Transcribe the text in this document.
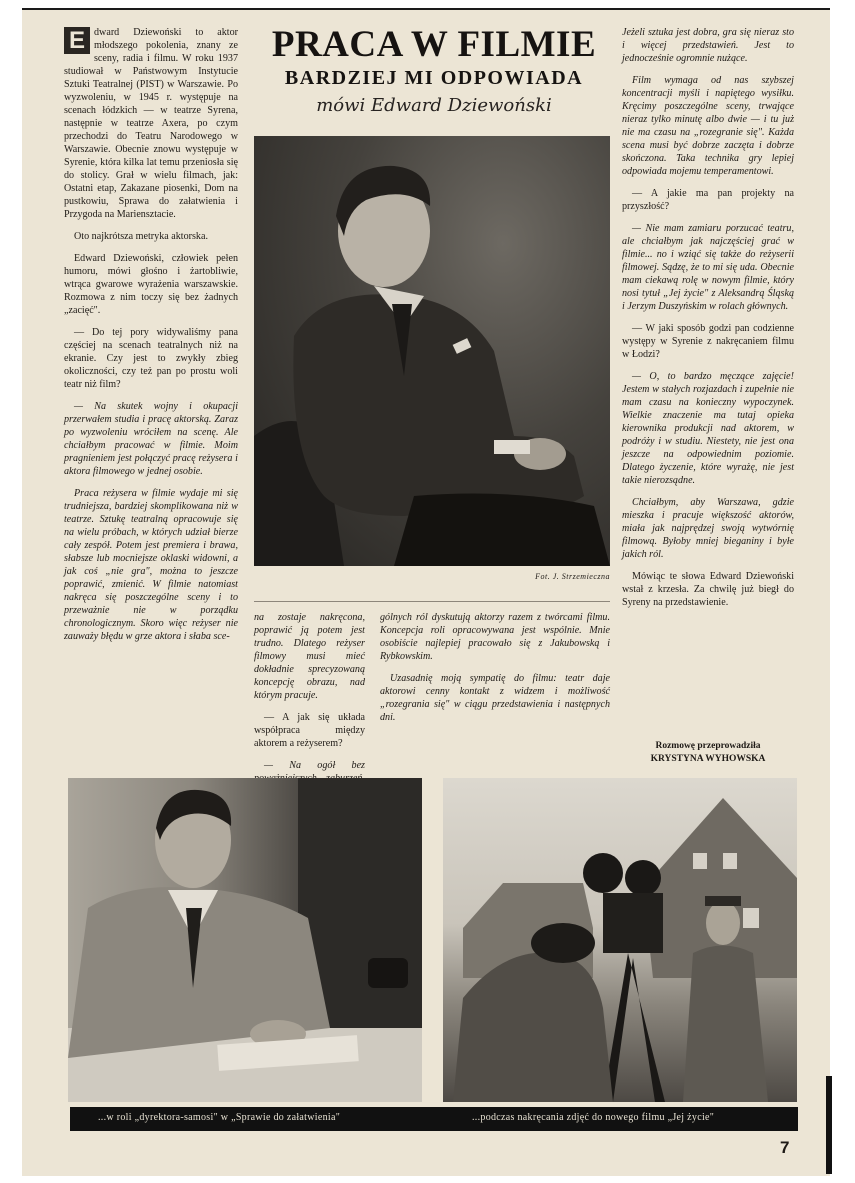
E dward Dziewoński to aktor młodszego pokolenia, znany ze sceny, radia i filmu. W roku 1937 studiował w Państwowym Instytucie Sztuki Teatralnej (PIST) w Warszawie. Po wyzwoleniu, w 1945 r. występuje na scenach łódzkich — w teatrze Syrena, następnie w teatrze Axera, po czym przechodzi do Teatru Narodowego w Warszawie. Obecnie znowu występuje w Syrenie, która kilka lat temu przeniosła się do stolicy. Grał w wielu filmach, jak: Ostatni etap, Zakazane piosenki, Dom na pustkowiu, Sprawa do załatwienia i Przygoda na Mariensztacie.

Oto najkrótsza metryka aktorska.

Edward Dziewoński, człowiek pełen humoru, mówi głośno i żartobliwie, wtrąca gwarowe wyrażenia warszawskie. Rozmowa z nim toczy się bez żadnych „zacięć".

— Do tej pory widywaliśmy pana częściej na scenach teatralnych niż na ekranie. Czy jest to zwykły zbieg okoliczności, czy też pan po prostu woli teatr niż film?

— Na skutek wojny i okupacji przerwałem studia i pracę aktorską. Zaraz po wyzwoleniu wróciłem na scenę. Ale chciałbym pracować w filmie. Moim pragnieniem jest połączyć pracę reżysera i aktora filmowego w jednej osobie.

Praca reżysera w filmie wydaje mi się trudniejsza, bardziej skomplikowana niż w teatrze. Sztukę teatralną opracowuje się na wielu próbach, w których udział bierze cały zespół. Potem jest premiera i brawa, słabsze lub mocniejsze oklaski widowni, a jak coś „nie gra", można to jeszcze poprawić, zmienić. W filmie natomiast nakręca się poszczególne sceny i to przeważnie nie w porządku chronologicznym. Skoro więc reżyser nie zauważy błędu w grze aktora i słaba sce-

PRACA W FILMIE
BARDZIEJ MI ODPOWIADA
mówi Edward Dziewoński
Fot. J. Strzemieczna

na zostaje nakręcona, poprawić ją potem jest trudno. Dlatego reżyser filmowy musi mieć dokładnie sprecyzowaną koncepcję obrazu, nad którym pracuje.

— A jak się układa współpraca między aktorem a reżyserem?

— Na ogół bez

gólnych ról dyskutują aktorzy razem z twórcami filmu. Koncepcja roli opracowywana jest wspólnie. Mnie osobiście najlepiej pracowało się z Jakubowską i Rybkowskim.

Uzasadnię moją sympatię do filmu: teatr daje aktorowi cenny kontakt z widzem i możliwość „rozegrania się" w ciągu przedstawienia i następnych dni.

Jeżeli sztuka jest dobra, gra się nieraz sto i więcej przedstawień. Jest to jednocześnie ogromnie nużące.

Film wymaga od nas szybszej koncentracji myśli i napiętego wysiłku. Kręcimy poszczególne sceny, trwające nieraz tylko minutę albo dwie — i tu już nie ma czasu na „rozegranie się". Każda scena musi być dobrze zaczęta i dobrze skończona. Taka technika gry lepiej odpowiada mojemu temperamentowi.

— A jakie ma pan projekty na przyszłość?

— Nie mam zamiaru porzucać teatru, ale chciałbym jak najczęściej grać w filmie... no i wziąć się także do reżyserii filmowej. Sądzę, że to mi się uda. Obecnie mam ciekawą rolę w nowym filmie, który nosi tytuł „Jej życie" z Aleksandrą Śląską i Jerzym Duszyńskim w rolach głównych.

— W jaki sposób godzi pan codzienne występy w Syrenie z nakręcaniem filmu w Łodzi?

— O, to bardzo męczące zajęcie! Jestem w stałych rozjazdach i zupełnie nie mam czasu na konieczny wypoczynek. Wielkie znaczenie ma tutaj opieka kierownika produkcji nad aktorem, w podróży i w studiu. Niestety, nie jest ona jeszcze na odpowiednim poziomie. Dlatego życzenie, które wyrażę, nie jest takie nierozsądne.

Chciałbym, aby Warszawa, gdzie mieszka i pracuje większość aktorów, miała jak najprędzej swoją wytwórnię filmową. Byłoby mniej bieganiny i byłe jakich ról.

Mówiąc te słowa Edward Dziewoński wstał z krzesła. Za chwilę już biegł do Syreny na przedstawienie.

Rozmowę przeprowadziła
KRYSTYNA WYHOWSKA
...w roli „dyrektora-samosi" w „Sprawie do załatwienia"	...podczas nakręcania zdjęć do nowego filmu „Jej życie"
7
